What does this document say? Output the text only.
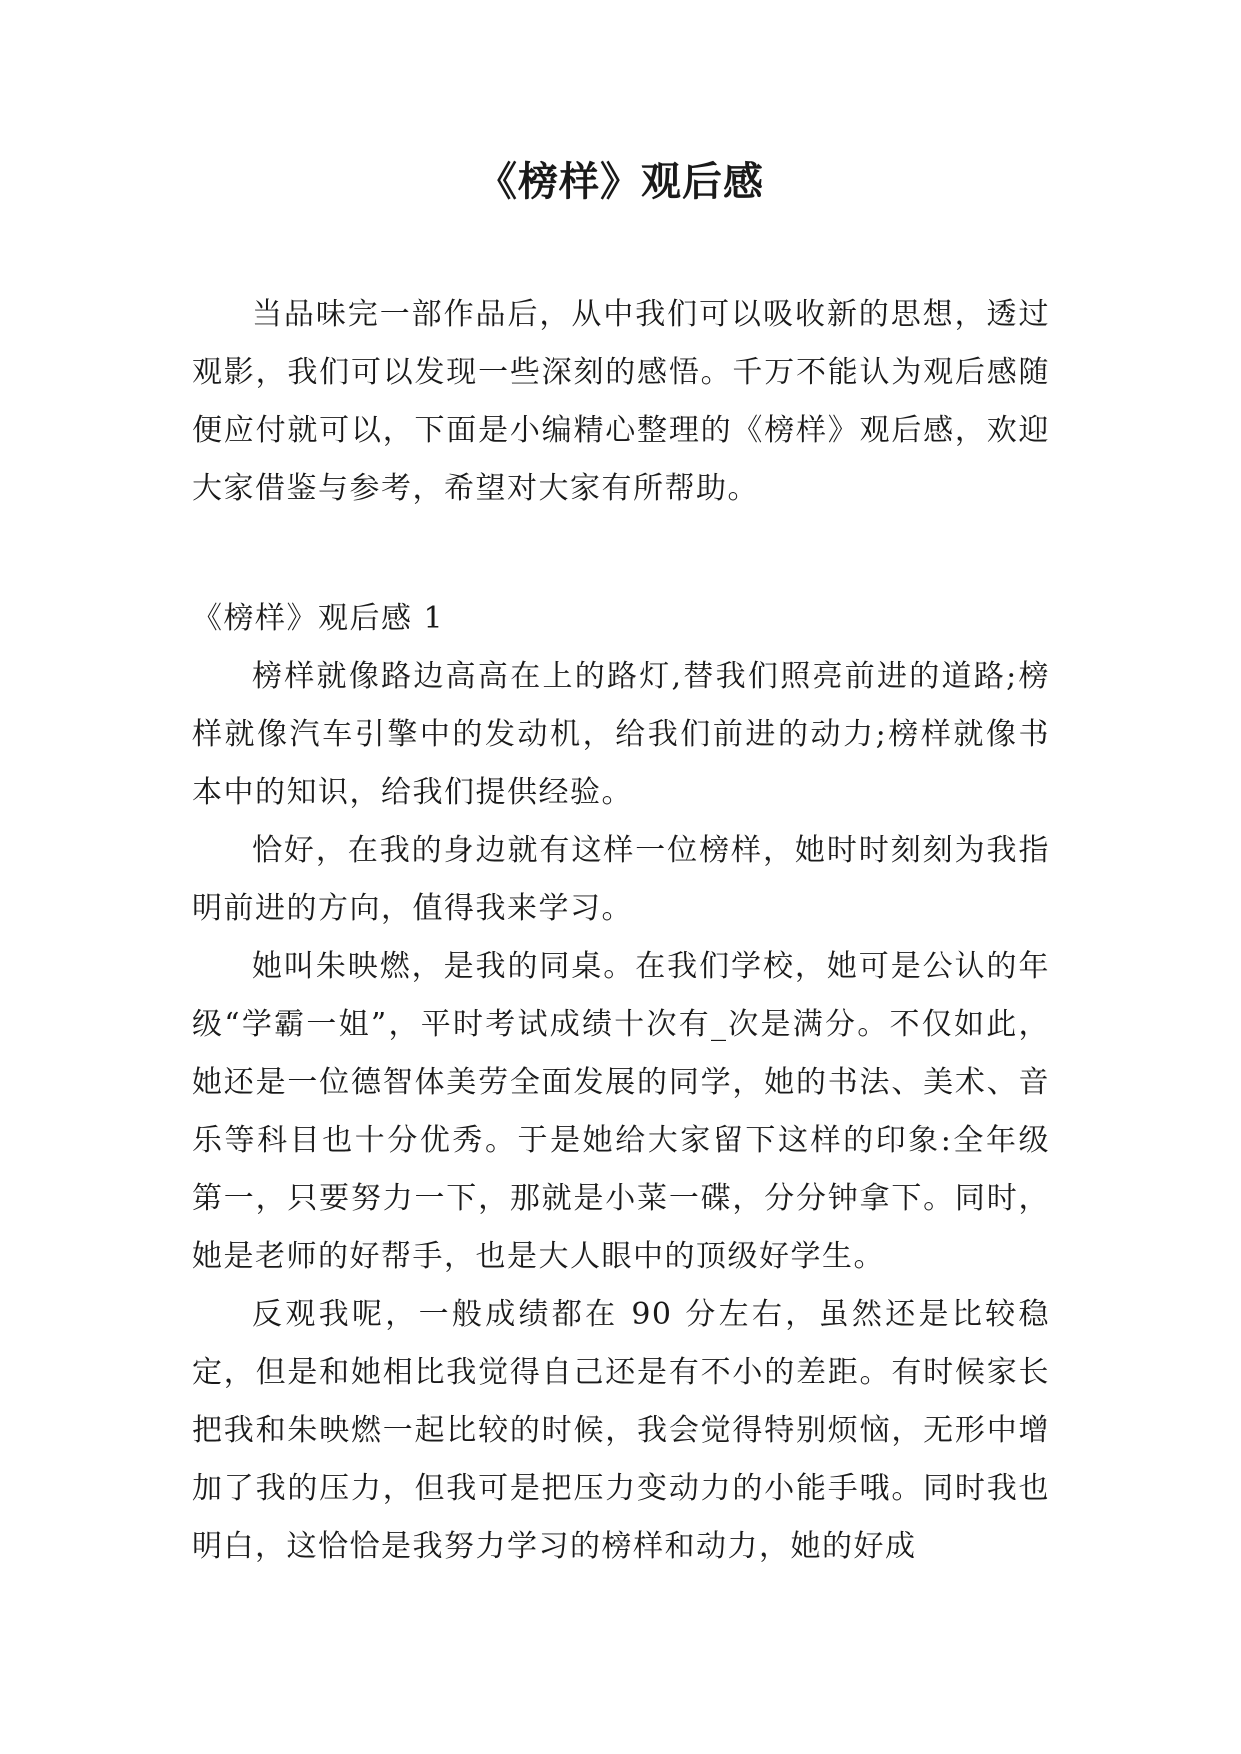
《榜样》观后感

当品味完一部作品后，从中我们可以吸收新的思想，透过观影，我们可以发现一些深刻的感悟。千万不能认为观后感随便应付就可以，下面是小编精心整理的《榜样》观后感，欢迎大家借鉴与参考，希望对大家有所帮助。

《榜样》观后感 1

榜样就像路边高高在上的路灯,替我们照亮前进的道路;榜样就像汽车引擎中的发动机，给我们前进的动力;榜样就像书本中的知识，给我们提供经验。

恰好，在我的身边就有这样一位榜样，她时时刻刻为我指明前进的方向，值得我来学习。

她叫朱映燃，是我的同桌。在我们学校，她可是公认的年级“学霸一姐”，平时考试成绩十次有_次是满分。不仅如此，她还是一位德智体美劳全面发展的同学，她的书法、美术、音乐等科目也十分优秀。于是她给大家留下这样的印象:全年级第一，只要努力一下，那就是小菜一碟，分分钟拿下。同时，她是老师的好帮手，也是大人眼中的顶级好学生。

反观我呢，一般成绩都在 90 分左右，虽然还是比较稳定，但是和她相比我觉得自己还是有不小的差距。有时候家长把我和朱映燃一起比较的时候，我会觉得特别烦恼，无形中增加了我的压力，但我可是把压力变动力的小能手哦。同时我也明白，这恰恰是我努力学习的榜样和动力，她的好成
